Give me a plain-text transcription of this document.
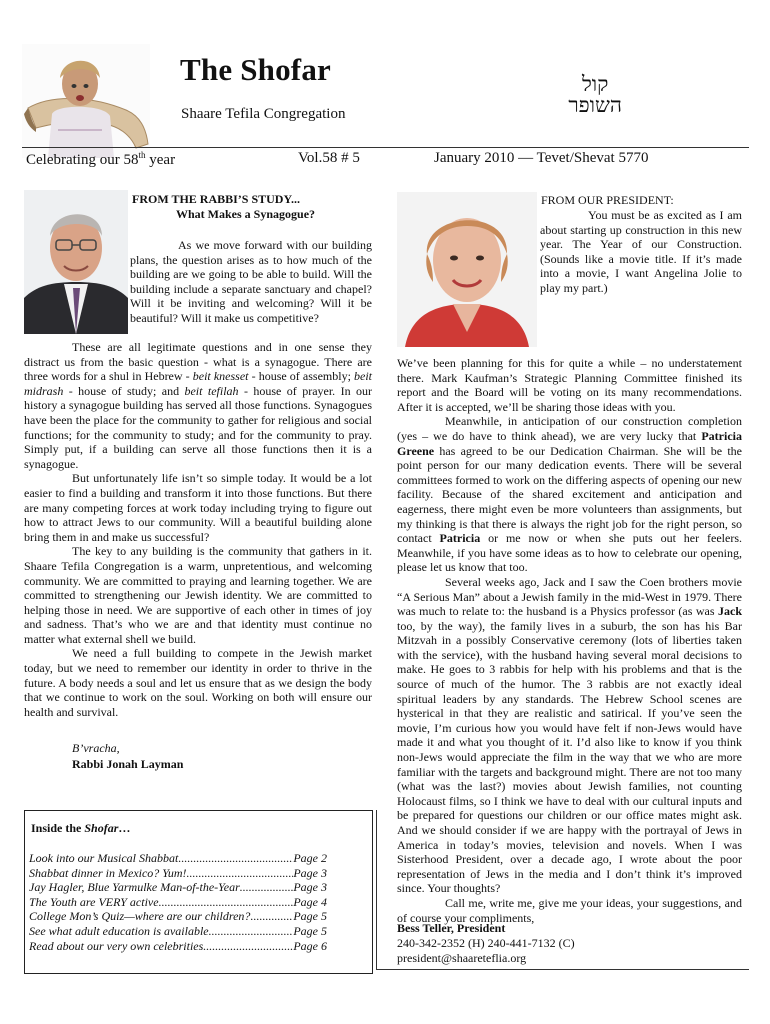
The Shofar
Shaare Tefila Congregation
קול
השופר
Celebrating our 58th year	Vol.58 # 5	January 2010 — Tevet/Shevat 5770
FROM THE RABBI’S STUDY...
What Makes a Synagogue?
As we move forward with our building plans, the question arises as to how much of the building are we going to be able to build. Will the building include a separate sanctuary and chapel? Will it be inviting and welcoming? Will it be beautiful? Will it make us competitive?

These are all legitimate questions and in one sense they distract us from the basic question - what is a synagogue. There are three words for a shul in Hebrew - beit knesset - house of assembly; beit midrash - house of study; and beit tefilah - house of prayer. In our history a synagogue building has served all those functions. Synagogues have been the place for the community to gather for religious and social functions; for the community to study; and for the community to pray. Simply put, if a building can serve all those functions then it is a synagogue.

But unfortunately life isn’t so simple today. It would be a lot easier to find a building and transform it into those functions. But there are many competing forces at work today including trying to figure out how to attract Jews to our community. Will a beautiful building alone bring them in and make us successful?

The key to any building is the community that gathers in it. Shaare Tefila Congregation is a warm, unpretentious, and welcoming community. We are committed to praying and learning together. We are committed to strengthening our Jewish identity. We are committed to helping those in need. We are supportive of each other in times of joy and sadness. That’s who we are and that identity must continue no matter what external shell we build.

We need a full building to compete in the Jewish market today, but we need to remember our identity in order to thrive in the future. A body needs a soul and let us ensure that as we design the body that we continue to work on the soul. Working on both will ensure our health and survival.

B’vracha,
Rabbi Jonah Layman
Inside the Shofar…
Look into our Musical Shabbat .....	Page 2
Shabbat dinner in Mexico? Yum! .....	Page 3
Jay Hagler, Blue Yarmulke Man-of-the-Year .....	Page 3
The Youth are VERY active .....	Page 4
College Mon’s Quiz—where are our children? .....	Page 5
See what adult education is available .....	Page 5
Read about our very own celebrities .....	Page 6
FROM OUR PRESIDENT:
You must be as excited as I am about starting up construction in this new year. The Year of our Construction. (Sounds like a movie title. If it’s made into a movie, I want Angelina Jolie to play my part.)

We’ve been planning for this for quite a while – no understatement there. Mark Kaufman’s Strategic Planning Committee finished its report and the Board will be voting on its many recommendations. After it is accepted, we’ll be sharing those ideas with you.

Meanwhile, in anticipation of our construction completion (yes – we do have to think ahead), we are very lucky that Patricia Greene has agreed to be our Dedication Chairman. She will be the point person for our many dedication events. There will be several committees formed to work on the differing aspects of opening our new facility. Because of the shared excitement and anticipation and eagerness, there might even be more volunteers than assignments, but my thinking is that there is always the right job for the right person, so contact Patricia or me now or when she puts out her feelers. Meanwhile, if you have some ideas as to how to celebrate our opening, please let us know that too.

Several weeks ago, Jack and I saw the Coen brothers movie “A Serious Man” about a Jewish family in the mid-West in 1979. There was much to relate to: the husband is a Physics professor (as was Jack too, by the way), the family lives in a suburb, the son has his Bar Mitzvah in a possibly Conservative ceremony (lots of liberties taken with the service), with the husband having several moral decisions to make. He goes to 3 rabbis for help with his problems and that is the source of much of the humor. The 3 rabbis are not exactly ideal spiritual leaders by any standards. The Hebrew School scenes are hysterical in that they are realistic and satirical. If you’ve seen the movie, I’m curious how you would have felt if non-Jews would have made it and what you thought of it. I’d also like to know if you think non-Jews would appreciate the film in the way that we who are more familiar with the targets and background might. There are not too many (what was the last?) movies about Jewish families, not counting Holocaust films, so I think we have to deal with our cultural inputs and be prepared for questions our children or our office mates might ask. And we should consider if we are happy with the portrayal of Jews in America in today’s movies, television and novels. When I was Sisterhood President, over a decade ago, I wrote about the poor representation of Jews in the media and I don’t think it’s improved since. Your thoughts?

Call me, write me, give me your ideas, your suggestions, and of course your compliments,

Bess Teller, President
240-342-2352 (H) 240-441-7132 (C)
president@shaareteflia.org
